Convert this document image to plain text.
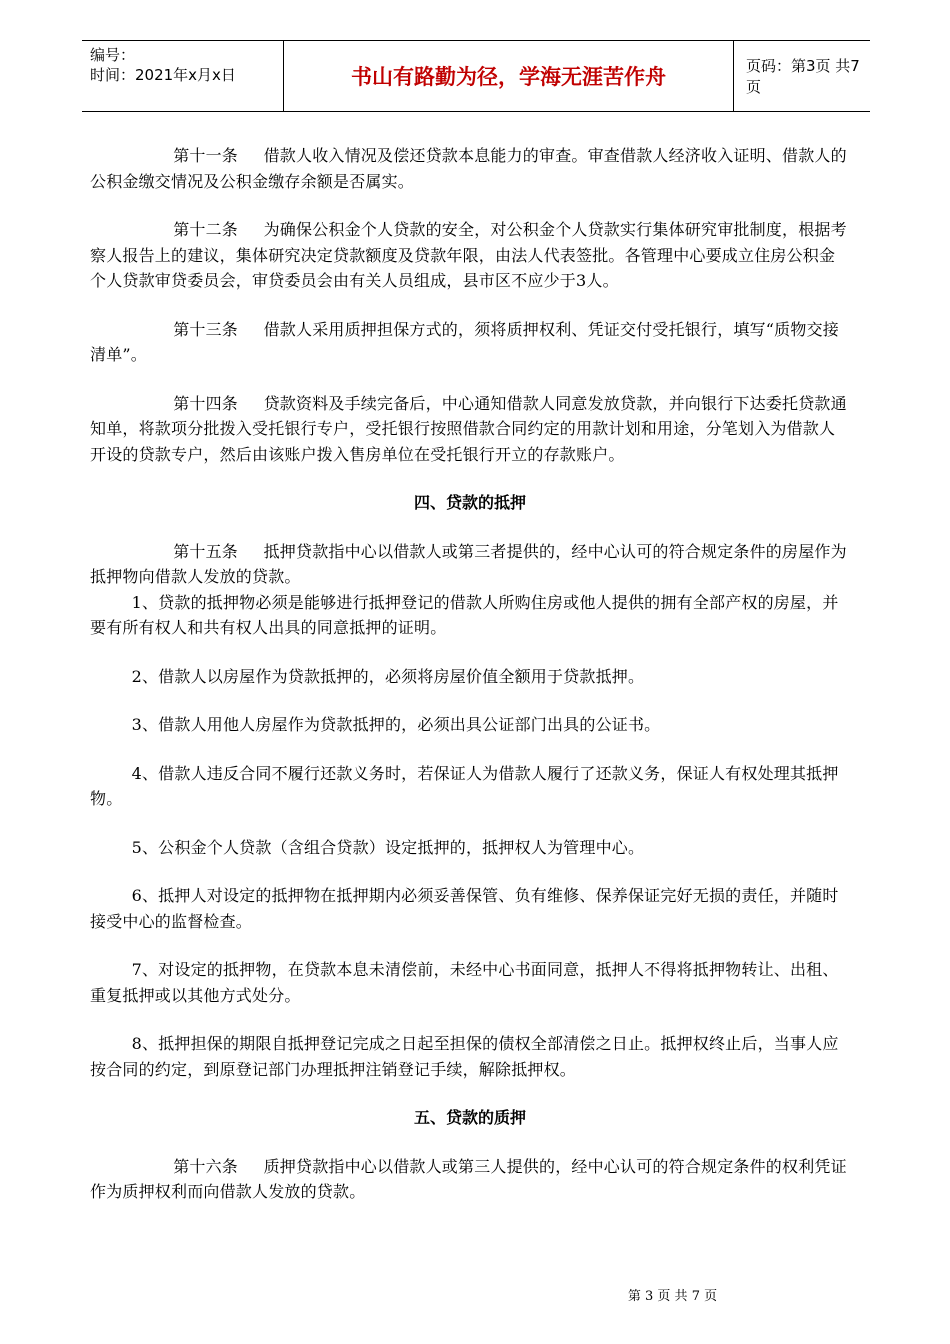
编号：
时间：2021年x月x日	书山有路勤为径，学海无涯苦作舟	页码：第3页 共7页

第十一条 借款人收入情况及偿还贷款本息能力的审查。审查借款人经济收入证明、借款人的公积金缴交情况及公积金缴存余额是否属实。

第十二条 为确保公积金个人贷款的安全，对公积金个人贷款实行集体研究审批制度，根据考察人报告上的建议，集体研究决定贷款额度及贷款年限，由法人代表签批。各管理中心要成立住房公积金个人贷款审贷委员会，审贷委员会由有关人员组成，县市区不应少于3人。

第十三条 借款人采用质押担保方式的，须将质押权利、凭证交付受托银行，填写“质物交接清单”。

第十四条 贷款资料及手续完备后，中心通知借款人同意发放贷款，并向银行下达委托贷款通知单，将款项分批拨入受托银行专户，受托银行按照借款合同约定的用款计划和用途，分笔划入为借款人开设的贷款专户，然后由该账户拨入售房单位在受托银行开立的存款账户。

四、贷款的抵押

第十五条 抵押贷款指中心以借款人或第三者提供的，经中心认可的符合规定条件的房屋作为抵押物向借款人发放的贷款。

1、贷款的抵押物必须是能够进行抵押登记的借款人所购住房或他人提供的拥有全部产权的房屋，并要有所有权人和共有权人出具的同意抵押的证明。

2、借款人以房屋作为贷款抵押的，必须将房屋价值全额用于贷款抵押。

3、借款人用他人房屋作为贷款抵押的，必须出具公证部门出具的公证书。

4、借款人违反合同不履行还款义务时，若保证人为借款人履行了还款义务，保证人有权处理其抵押物。

5、公积金个人贷款（含组合贷款）设定抵押的，抵押权人为管理中心。

6、抵押人对设定的抵押物在抵押期内必须妥善保管、负有维修、保养保证完好无损的责任，并随时接受中心的监督检查。

7、对设定的抵押物，在贷款本息未清偿前，未经中心书面同意，抵押人不得将抵押物转让、出租、重复抵押或以其他方式处分。

8、抵押担保的期限自抵押登记完成之日起至担保的债权全部清偿之日止。抵押权终止后，当事人应按合同的约定，到原登记部门办理抵押注销登记手续，解除抵押权。

五、贷款的质押

第十六条 质押贷款指中心以借款人或第三人提供的，经中心认可的符合规定条件的权利凭证作为质押权利而向借款人发放的贷款。

第 3 页 共 7 页
